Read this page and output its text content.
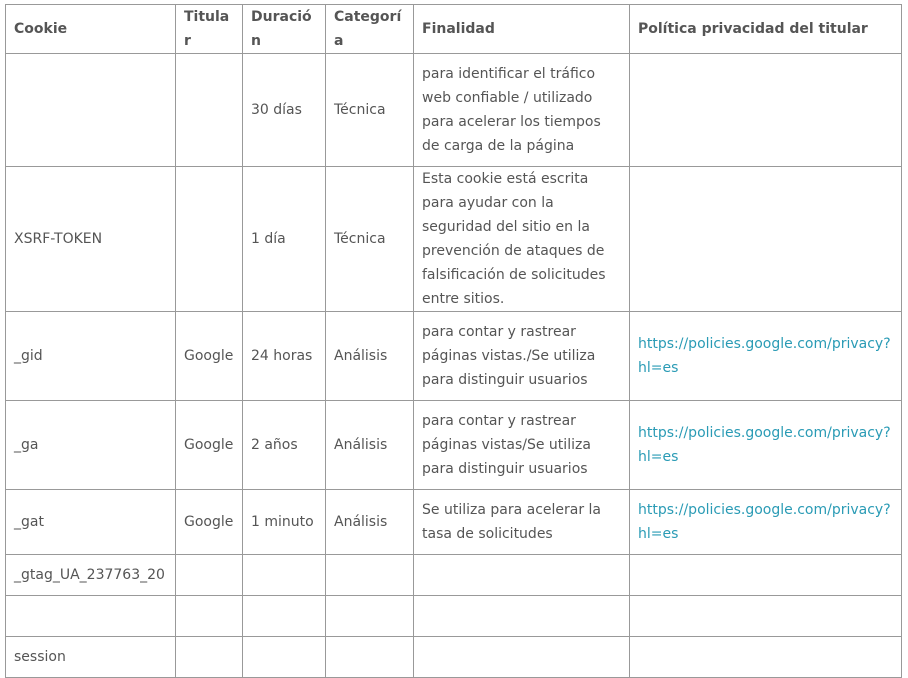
Cookie	Titular	Duración	Categoría	Finalidad	Política privacidad del titular
		30 días	Técnica	para identificar el tráfico web confiable / utilizado para acelerar los tiempos de carga de la página	
XSRF-TOKEN		1 día	Técnica	Esta cookie está escrita para ayudar con la seguridad del sitio en la prevención de ataques de falsificación de solicitudes entre sitios.	
_gid	Google	24 horas	Análisis	para contar y rastrear páginas vistas./Se utiliza para distinguir usuarios	https://policies.google.com/privacy?hl=es
_ga	Google	2 años	Análisis	para contar y rastrear páginas vistas/Se utiliza para distinguir usuarios	https://policies.google.com/privacy?hl=es
_gat	Google	1 minuto	Análisis	Se utiliza para acelerar la tasa de solicitudes	https://policies.google.com/privacy?hl=es
_gtag_UA_237763_20					

session					
